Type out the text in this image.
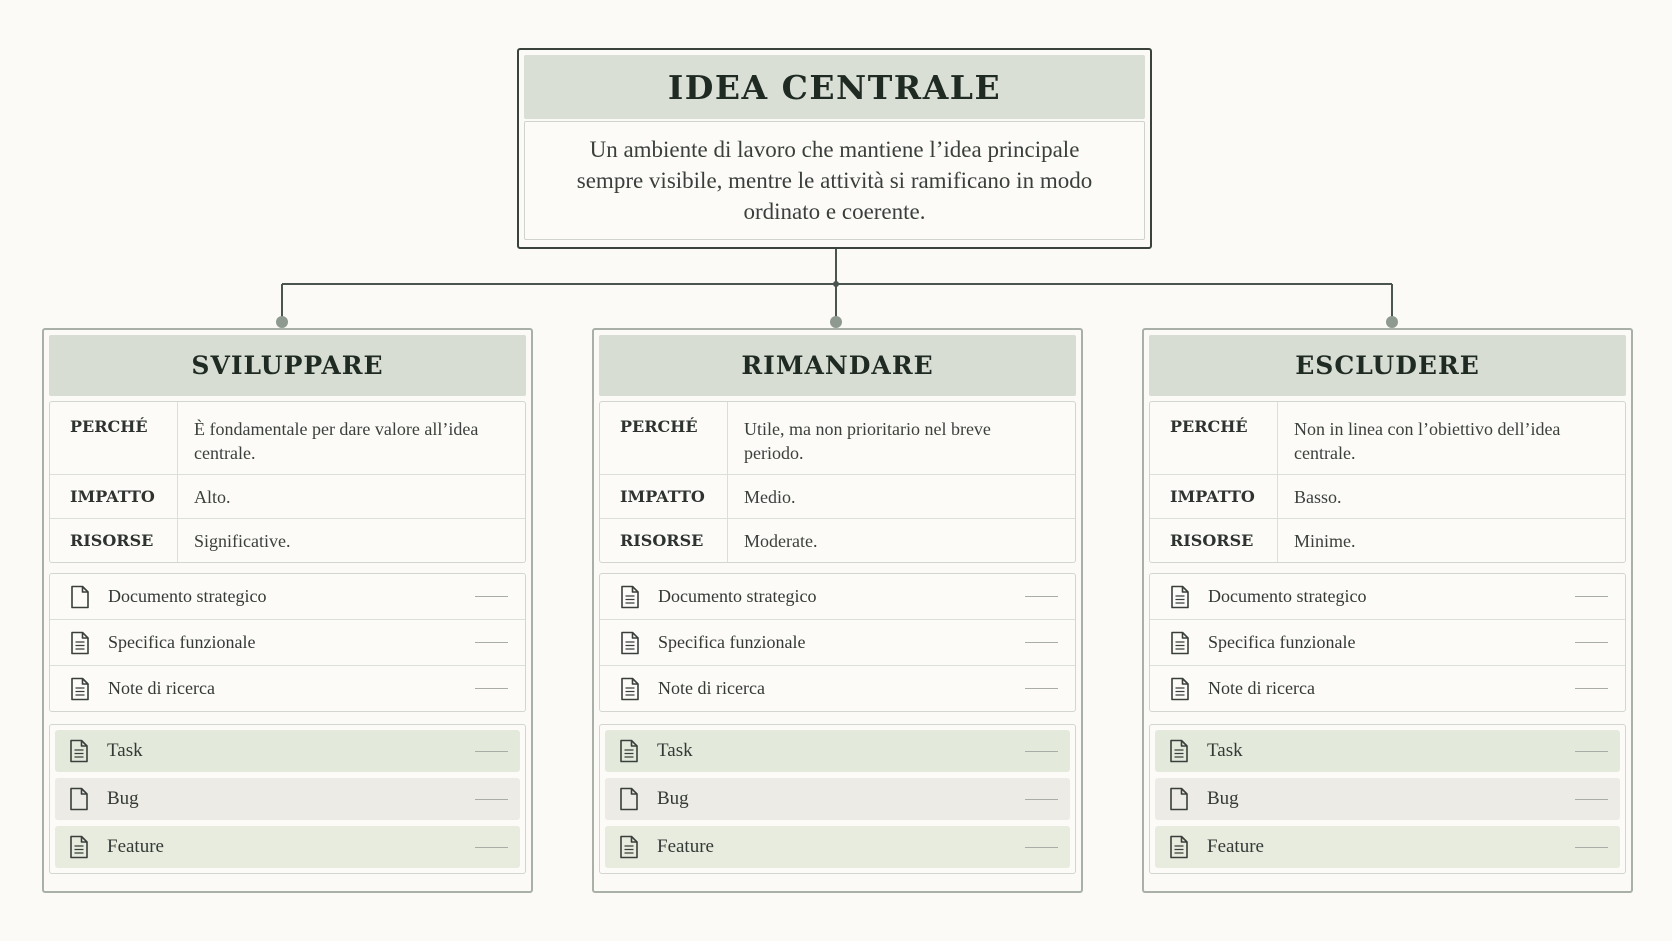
IDEA CENTRALE
Un ambiente di lavoro che mantiene l’idea principale sempre visibile, mentre le attività si ramificano in modo ordinato e coerente.
SVILUPPARE
PERCHÉ	È fondamentale per dare valore all’idea centrale.
IMPATTO	Alto.
RISORSE	Significative.
Documento strategico
Specifica funzionale
Note di ricerca
Task
Bug
Feature
RIMANDARE
PERCHÉ	Utile, ma non prioritario nel breve periodo.
IMPATTO	Medio.
RISORSE	Moderate.
Documento strategico
Specifica funzionale
Note di ricerca
Task
Bug
Feature
ESCLUDERE
PERCHÉ	Non in linea con l’obiettivo dell’idea centrale.
IMPATTO	Basso.
RISORSE	Minime.
Documento strategico
Specifica funzionale
Note di ricerca
Task
Bug
Feature
